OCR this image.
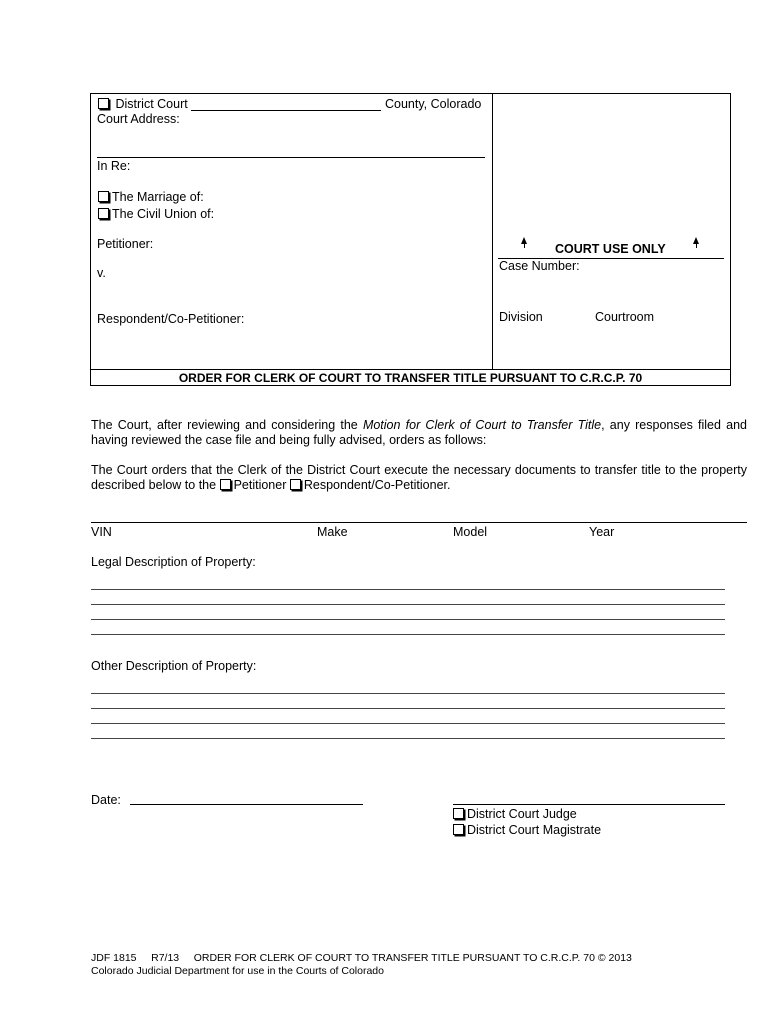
District Court	County, Colorado
Court Address:
In Re:
The Marriage of:
The Civil Union of:
Petitioner:
v.
Respondent/Co-Petitioner:
COURT USE ONLY
Case Number:
Division	Courtroom
ORDER FOR CLERK OF COURT TO TRANSFER TITLE PURSUANT TO C.R.C.P. 70
The Court, after reviewing and considering the Motion for Clerk of Court to Transfer Title, any responses filed and having reviewed the case file and being fully advised, orders as follows:
The Court orders that the Clerk of the District Court execute the necessary documents to transfer title to the property
described below to the Petitioner Respondent/Co-Petitioner.
VIN	Make	Model	Year
Legal Description of Property:
Other Description of Property:
Date:
District Court Judge
District Court Magistrate
JDF 1815     R7/13     ORDER FOR CLERK OF COURT TO TRANSFER TITLE PURSUANT TO C.R.C.P. 70 © 2013
Colorado Judicial Department for use in the Courts of Colorado
